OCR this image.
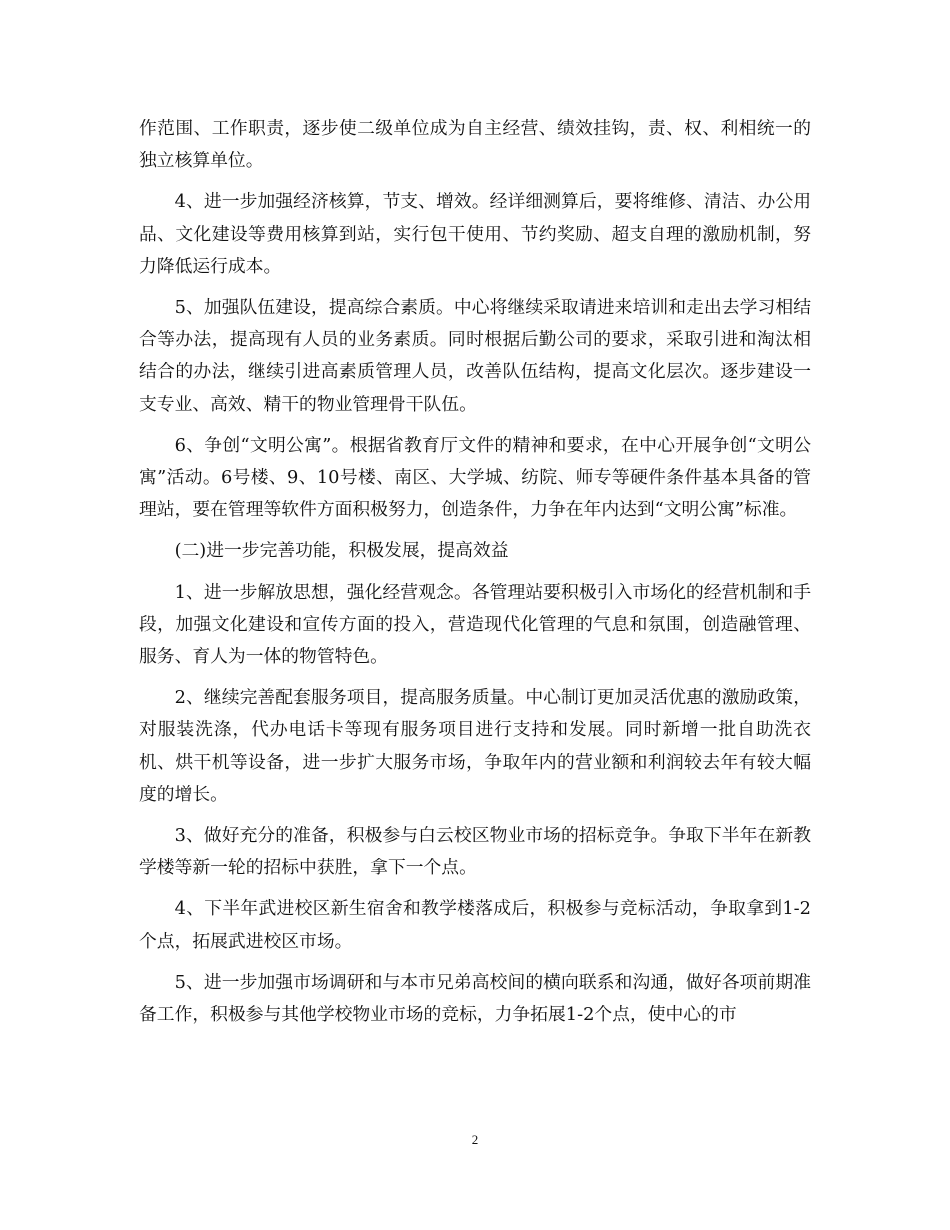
作范围、工作职责，逐步使二级单位成为自主经营、绩效挂钩，责、权、利相统一的独立核算单位。

4、进一步加强经济核算，节支、增效。经详细测算后，要将维修、清洁、办公用品、文化建设等费用核算到站，实行包干使用、节约奖励、超支自理的激励机制，努力降低运行成本。

5、加强队伍建设，提高综合素质。中心将继续采取请进来培训和走出去学习相结合等办法，提高现有人员的业务素质。同时根据后勤公司的要求，采取引进和淘汰相结合的办法，继续引进高素质管理人员，改善队伍结构，提高文化层次。逐步建设一支专业、高效、精干的物业管理骨干队伍。

6、争创“文明公寓”。根据省教育厅文件的精神和要求，在中心开展争创“文明公寓”活动。6号楼、9、10号楼、南区、大学城、纺院、师专等硬件条件基本具备的管理站，要在管理等软件方面积极努力，创造条件，力争在年内达到“文明公寓”标准。

(二)进一步完善功能，积极发展，提高效益

1、进一步解放思想，强化经营观念。各管理站要积极引入市场化的经营机制和手段，加强文化建设和宣传方面的投入，营造现代化管理的气息和氛围，创造融管理、服务、育人为一体的物管特色。

2、继续完善配套服务项目，提高服务质量。中心制订更加灵活优惠的激励政策，对服装洗涤，代办电话卡等现有服务项目进行支持和发展。同时新增一批自助洗衣机、烘干机等设备，进一步扩大服务市场，争取年内的营业额和利润较去年有较大幅度的增长。

3、做好充分的准备，积极参与白云校区物业市场的招标竞争。争取下半年在新教学楼等新一轮的招标中获胜，拿下一个点。

4、下半年武进校区新生宿舍和教学楼落成后，积极参与竞标活动，争取拿到1-2个点，拓展武进校区市场。

5、进一步加强市场调研和与本市兄弟高校间的横向联系和沟通，做好各项前期准备工作，积极参与其他学校物业市场的竞标，力争拓展1-2个点，使中心的市

2
